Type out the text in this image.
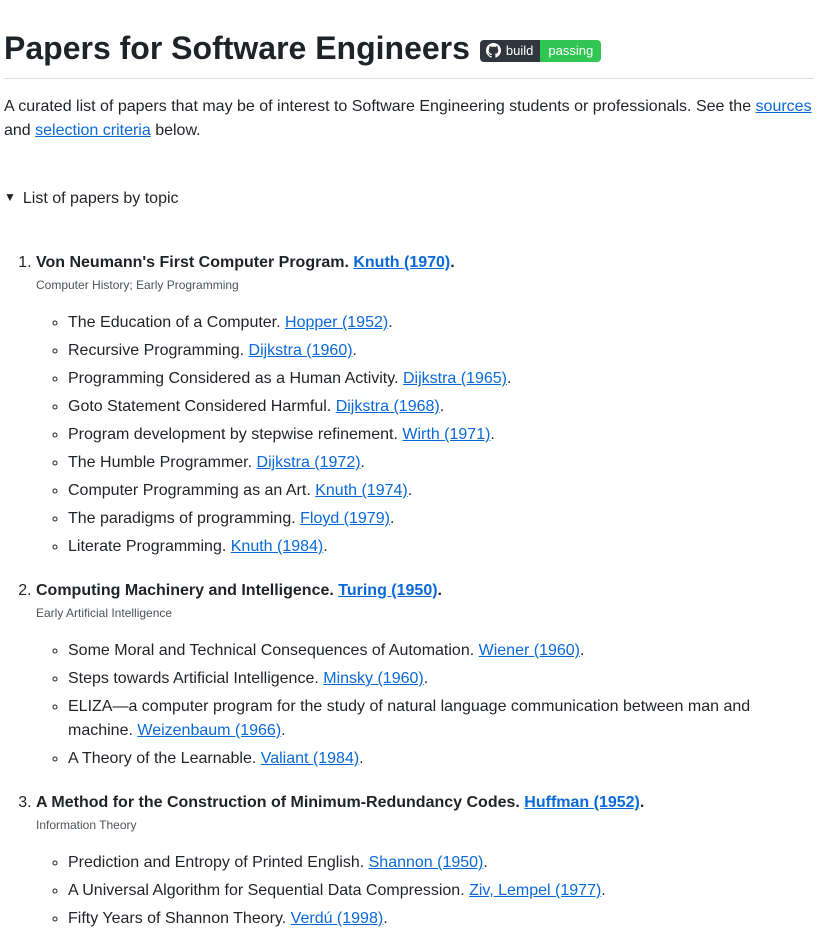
Papers for Software Engineers	build	passing

A curated list of papers that may be of interest to Software Engineering students or professionals. See the sources and selection criteria below.

▼ List of papers by topic
1. Von Neumann's First Computer Program. Knuth (1970).
Computer History; Early Programming
◦ The Education of a Computer. Hopper (1952).
◦ Recursive Programming. Dijkstra (1960).
◦ Programming Considered as a Human Activity. Dijkstra (1965).
◦ Goto Statement Considered Harmful. Dijkstra (1968).
◦ Program development by stepwise refinement. Wirth (1971).
◦ The Humble Programmer. Dijkstra (1972).
◦ Computer Programming as an Art. Knuth (1974).
◦ The paradigms of programming. Floyd (1979).
◦ Literate Programming. Knuth (1984).
2. Computing Machinery and Intelligence. Turing (1950).
Early Artificial Intelligence
◦ Some Moral and Technical Consequences of Automation. Wiener (1960).
◦ Steps towards Artificial Intelligence. Minsky (1960).
◦ ELIZA—a computer program for the study of natural language communication between man and machine. Weizenbaum (1966).
◦ A Theory of the Learnable. Valiant (1984).
3. A Method for the Construction of Minimum-Redundancy Codes. Huffman (1952).
Information Theory
◦ Prediction and Entropy of Printed English. Shannon (1950).
◦ A Universal Algorithm for Sequential Data Compression. Ziv, Lempel (1977).
◦ Fifty Years of Shannon Theory. Verdú (1998).
